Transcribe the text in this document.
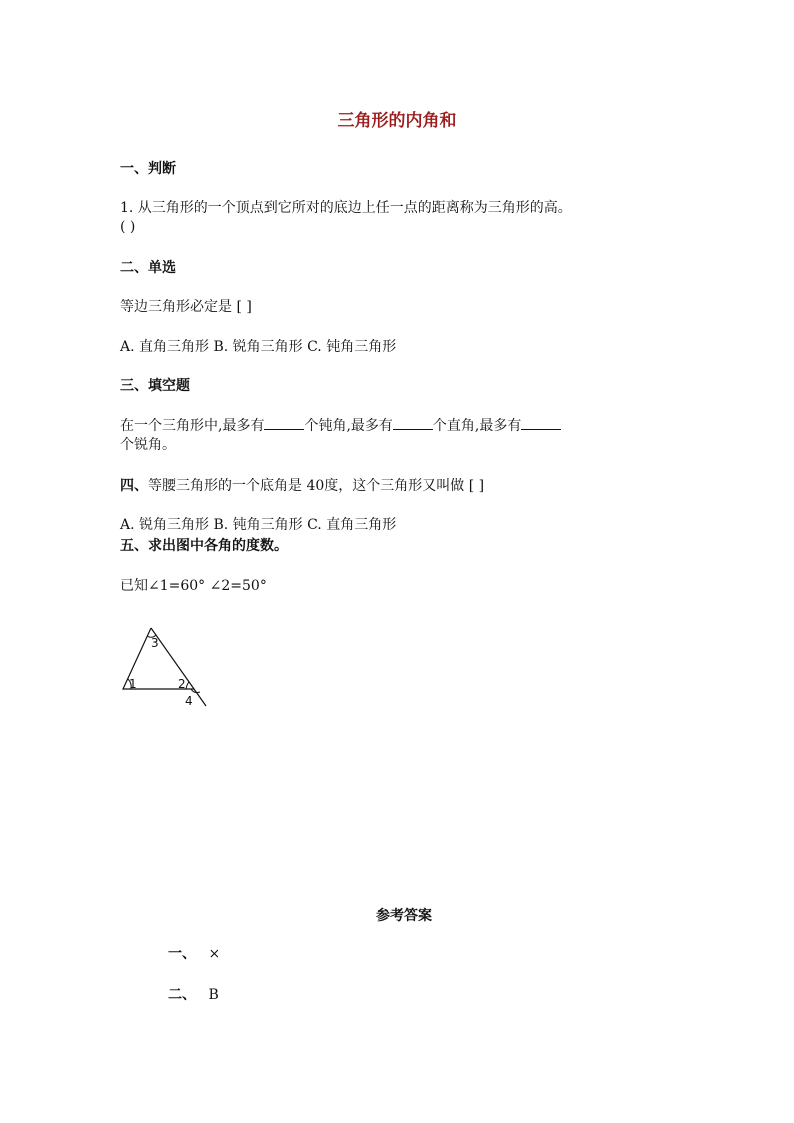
三角形的内角和
一、判断
1. 从三角形的一个顶点到它所对的底边上任一点的距离称为三角形的高。
( )
二、单选
等边三角形必定是 [ ]
A. 直角三角形 B. 锐角三角形 C. 钝角三角形
三、填空题
在一个三角形中,最多有	个钝角,最多有	个直角,最多有
个锐角。
四、等腰三角形的一个底角是 40度，这个三角形又叫做 [ ]
A. 锐角三角形 B. 钝角三角形 C. 直角三角形
五、求出图中各角的度数。
已知∠1=60° ∠2=50°
3
1	2
4
参考答案
一、 ×
二、 B
